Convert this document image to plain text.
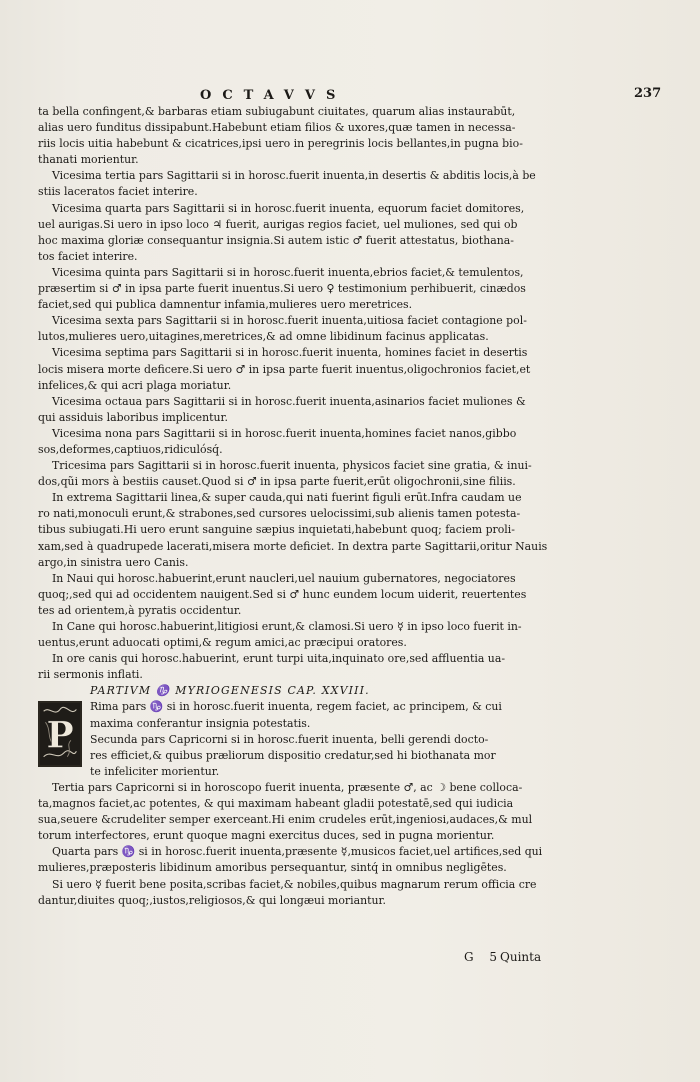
OCTAVVS	237
ta bella confingent,& barbaras etiam subiugabunt ciuitates, quarum alias instaurabūt,
alias uero funditus dissipabunt.Habebunt etiam filios & uxores,quæ tamen in necessa-
riis locis uitia habebunt & cicatrices,ipsi uero in peregrinis locis bellantes,in pugna bio-
thanati morientur.
Vicesima tertia pars Sagittarii si in horosc.fuerit inuenta,in desertis & abditis locis,à be
stiis laceratos faciet interire.
Vicesima quarta pars Sagittarii si in horosc.fuerit inuenta, equorum faciet domitores,
uel aurigas.Si uero in ipso loco ♃ fuerit, aurigas regios faciet, uel muliones, sed qui ob
hoc maxima gloriæ consequantur insignia.Si autem istic ♂ fuerit attestatus, biothana-
tos faciet interire.
Vicesima quinta pars Sagittarii si in horosc.fuerit inuenta,ebrios faciet,& temulentos,
præsertim si ♂ in ipsa parte fuerit inuentus.Si uero ♀ testimonium perhibuerit, cinædos
faciet,sed qui publica damnentur infamia,mulieres uero meretrices.
Vicesima sexta pars Sagittarii si in horosc.fuerit inuenta,uitiosa faciet contagione pol-
lutos,mulieres uero,uitagines,meretrices,& ad omne libidinum facinus applicatas.
Vicesima septima pars Sagittarii si in horosc.fuerit inuenta, homines faciet in desertis
locis misera morte deficere.Si uero ♂ in ipsa parte fuerit inuentus,oligochronios faciet,et
infelices,& qui acri plaga moriatur.
Vicesima octaua pars Sagittarii si in horosc.fuerit inuenta,asinarios faciet muliones &
qui assiduis laboribus implicentur.
Vicesima nona pars Sagittarii si in horosc.fuerit inuenta,homines faciet nanos,gibbo
sos,deformes,captiuos,ridiculósq́.
Tricesima pars Sagittarii si in horosc.fuerit inuenta, physicos faciet sine gratia, & inui-
dos,qũi mors à bestiis causet.Quod si ♂ in ipsa parte fuerit,erūt oligochronii,sine filiis.
In extrema Sagittarii linea,& super cauda,qui nati fuerint figuli erūt.Infra caudam ue
ro nati,monoculi erunt,& strabones,sed cursores uelocissimi,sub alienis tamen potesta-
tibus subiugati.Hi uero erunt sanguine sæpius inquietati,habebunt quoq; faciem proli-
xam,sed à quadrupede lacerati,misera morte deficiet. In dextra parte Sagittarii,oritur Nauis
argo,in sinistra uero Canis.
In Naui qui horosc.habuerint,erunt naucleri,uel nauium gubernatores, negociatores
quoq;,sed qui ad occidentem nauigent.Sed si ♂ hunc eundem locum uiderit, reuertentes
tes ad orientem,à pyratis occidentur.
In Cane qui horosc.habuerint,litigiosi erunt,& clamosi.Si uero ☿ in ipso loco fuerit in-
uentus,erunt aduocati optimi,& regum amici,ac præcipui oratores.
In ore canis qui horosc.habuerint, erunt turpi uita,inquinato ore,sed affluentia ua-
rii sermonis inflati.
PARTIVM ♑ MYRIOGENESIS CAP. XXVIII.
P
Rima pars ♑ si in horosc.fuerit inuenta, regem faciet, ac principem, & cui
maxima conferantur insignia potestatis.
Secunda pars Capricorni si in horosc.fuerit inuenta, belli gerendi docto-
res efficiet,& quibus præliorum dispositio credatur,sed hi biothanata mor
te infeliciter morientur.
Tertia pars Capricorni si in horoscopo fuerit inuenta, præsente ♂, ac ☽ bene colloca-
ta,magnos faciet,ac potentes, & qui maximam habeant gladii potestatē,sed qui iudicia
sua,seuere &crudeliter semper exerceant.Hi enim crudeles erūt,ingeniosi,audaces,& mul
torum interfectores, erunt quoque magni exercitus duces, sed in pugna morientur.
Quarta pars ♑ si in horosc.fuerit inuenta,præsente ☿,musicos faciet,uel artifices,sed qui
mulieres,præposteris libidinum amoribus persequantur, sintq́ in omnibus negligētes.
Si uero ☿ fuerit bene posita,scribas faciet,& nobiles,quibus magnarum rerum officia cre
dantur,diuites quoq;,iustos,religiosos,& qui longæui moriantur.
G 5
Quinta
